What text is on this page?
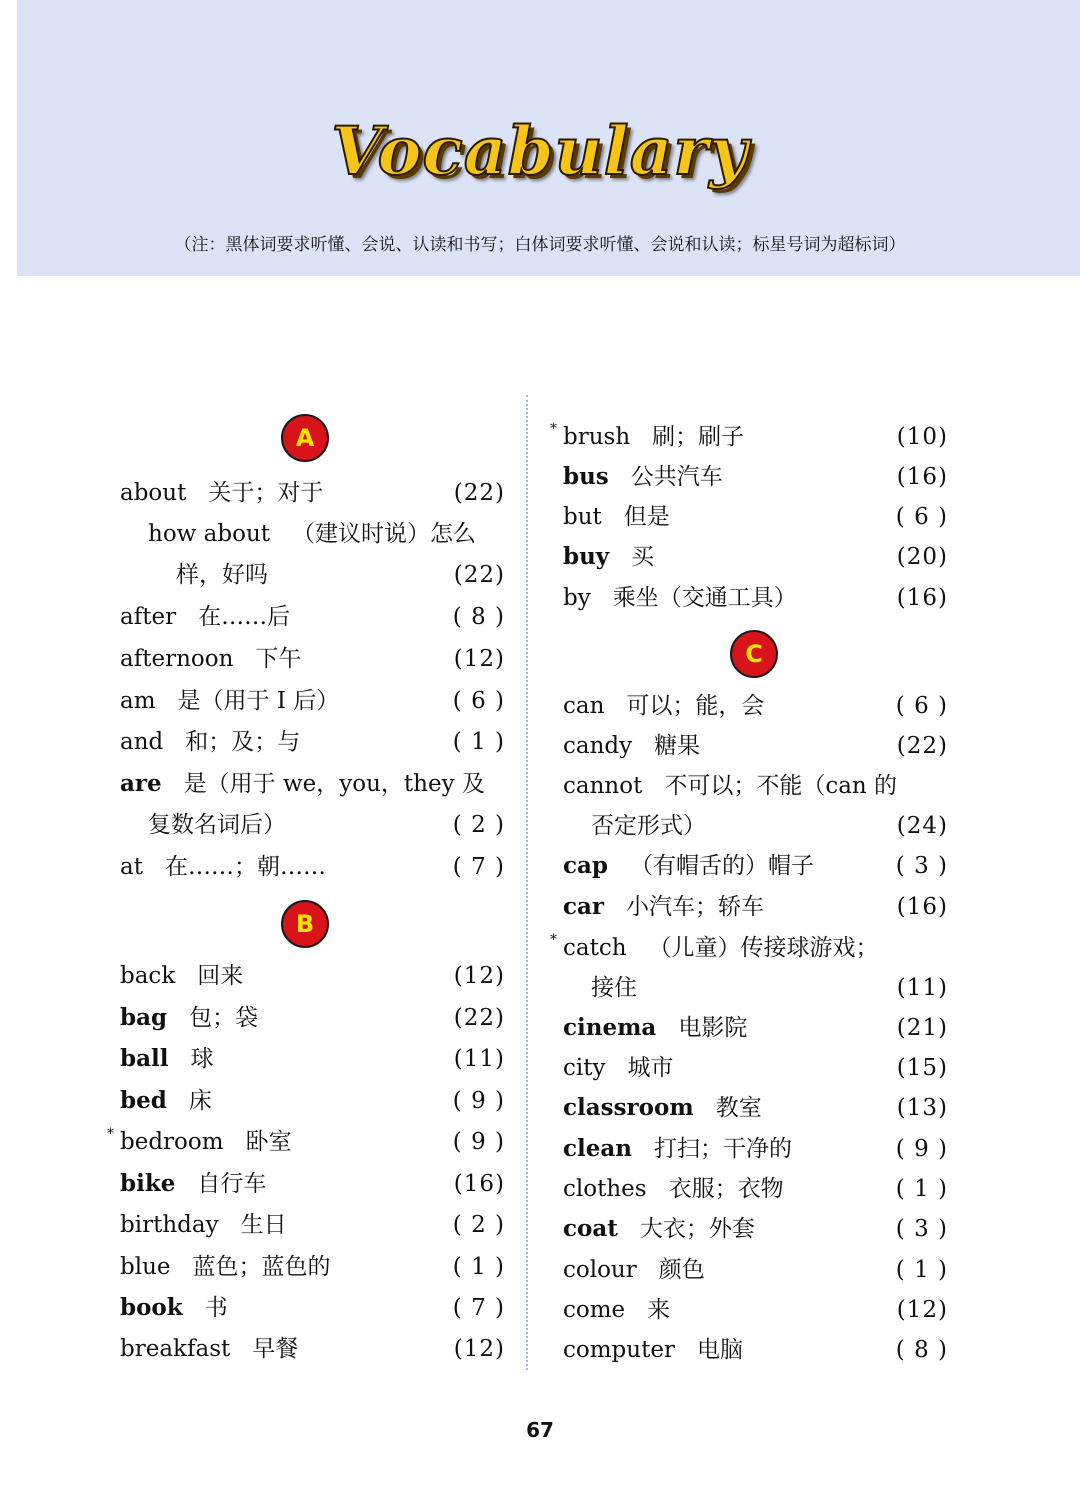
Vocabulary
（注：黑体词要求听懂、会说、认读和书写；白体词要求听懂、会说和认读；标星号词为超标词）
A
about 关于；对于	(22)
how about （建议时说）怎么
样，好吗	(22)
after 在……后	( 8 )
afternoon 下午	(12)
am 是（用于 I 后）	( 6 )
and 和；及；与	( 1 )
are 是（用于 we，you，they 及
复数名词后）	( 2 )
at 在……；朝……	( 7 )
B
back 回来	(12)
bag 包；袋	(22)
ball 球	(11)
bed 床	( 9 )
* bedroom 卧室	( 9 )
bike 自行车	(16)
birthday 生日	( 2 )
blue 蓝色；蓝色的	( 1 )
book 书	( 7 )
breakfast 早餐	(12)
* brush 刷；刷子	(10)
bus 公共汽车	(16)
but 但是	( 6 )
buy 买	(20)
by 乘坐（交通工具）	(16)
C
can 可以；能，会	( 6 )
candy 糖果	(22)
cannot 不可以；不能（can 的
否定形式）	(24)
cap （有帽舌的）帽子	( 3 )
car 小汽车；轿车	(16)
* catch （儿童）传接球游戏；
接住	(11)
cinema 电影院	(21)
city 城市	(15)
classroom 教室	(13)
clean 打扫；干净的	( 9 )
clothes 衣服；衣物	( 1 )
coat 大衣；外套	( 3 )
colour 颜色	( 1 )
come 来	(12)
computer 电脑	( 8 )
67
